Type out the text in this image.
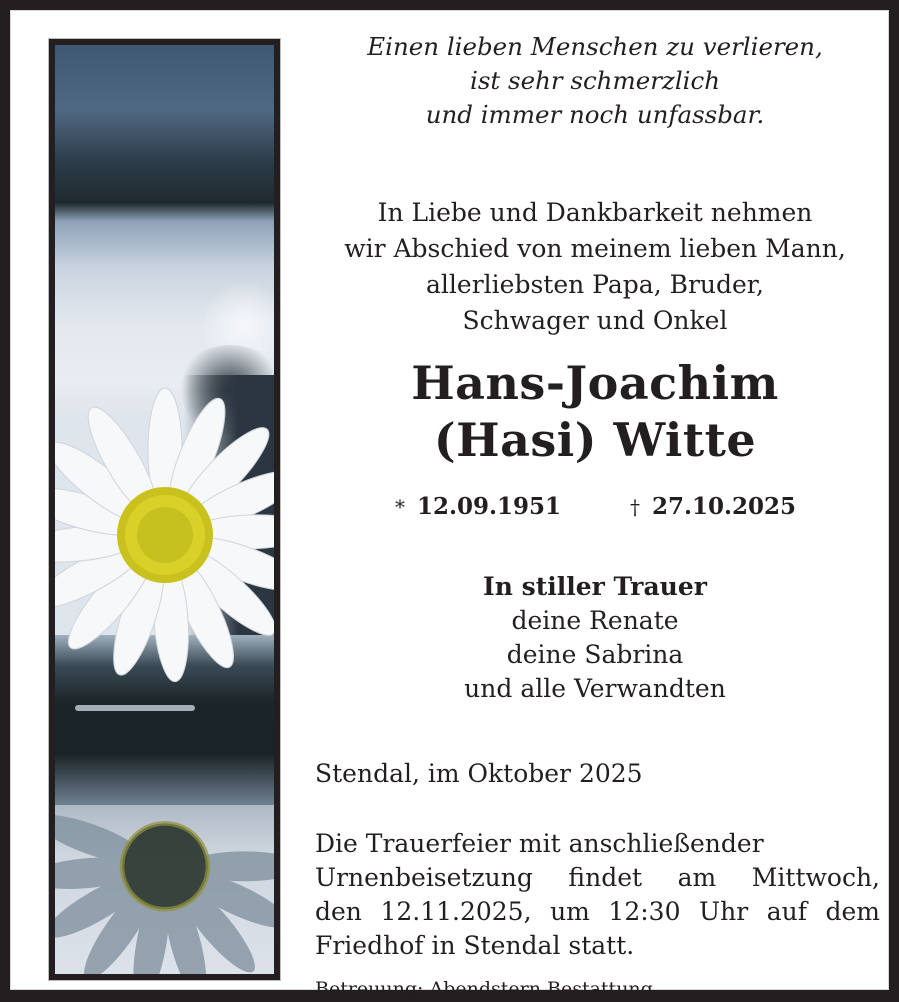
Einen lieben Menschen zu verlieren,
ist sehr schmerzlich
und immer noch unfassbar.
In Liebe und Dankbarkeit nehmen
wir Abschied von meinem lieben Mann,
allerliebsten Papa, Bruder,
Schwager und Onkel
Hans-Joachim
(Hasi) Witte
* 12.09.1951	† 27.10.2025
In stiller Trauer
deine Renate
deine Sabrina
und alle Verwandten
Stendal, im Oktober 2025
Die Trauerfeier mit anschließender
Urnenbeisetzung findet am Mittwoch,
den 12.11.2025, um 12:30 Uhr auf dem
Friedhof in Stendal statt.
Betreuung: Abendstern Bestattung
